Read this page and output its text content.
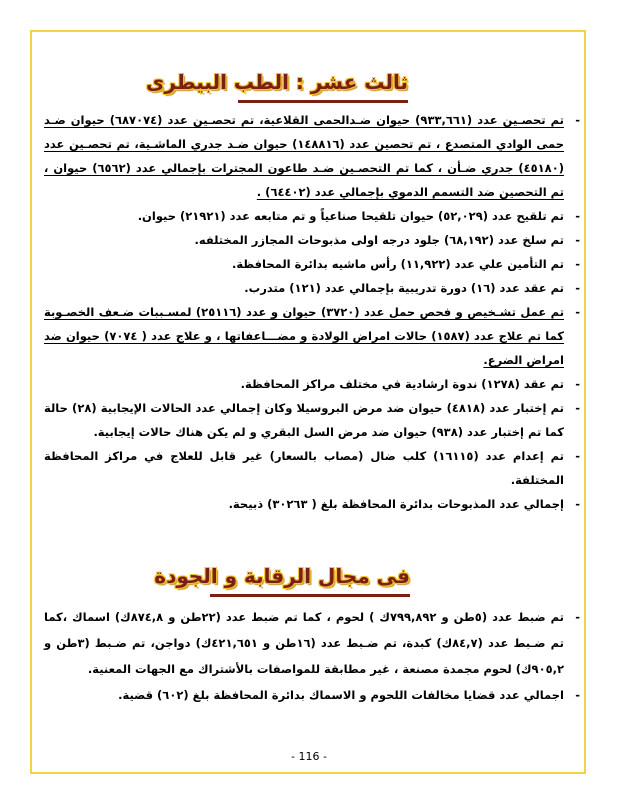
ثالث عشر : الطب البيطرى
-
تم تحصـين عدد (٩٣٣,٦٦١) حيوان ضـدالحمى القلاعية، تم تحصـين عدد (٦٨٧٠٧٤) حيوان ضـد حمى الوادي المتصدع ، تم تحصين عدد (١٤٨٨١٦) حيوان ضـد جدري الماشـية، تم تحصـين عدد (٤٥١٨٠) جدري ضـأن ، كما تم التحصـين ضـد طاعون المجترات بإجمالي عدد (٦٥٦٢) حيوان ، تم التحصين ضد التسمم الدموي بإجمالي عدد (٦٤٤٠٢) .
-
تم تلقيح عدد (٥٢,٠٢٩) حيوان تلقيحا صناعياً و تم متابعه عدد (٢١٩٢١) حيوان.
-
تم سلخ عدد (٦٨,١٩٢) جلود درجه اولى مذبوحات المجازر المختلفه.
-
تم التأمين علي عدد (١١,٩٢٢) رأس ماشيه بدائرة المحافظة.
-
تم عقد عدد (١٦) دورة تدريبية بإجمالي عدد (١٢١) متدرب.
-
تم عمل تشـخيص و فحص حمل عدد (٣٧٢٠) حيوان و عدد (٢٥١١٦) لمسـببات ضـعف الخصـوبة كما تم علاج عدد (١٥٨٧) حالات امراض الولادة و مضـــاعفاتها ، و علاج عدد ( ٧٠٧٤) حيوان ضد امراض الضرع.
-
تم عقد (١٢٧٨) ندوة ارشادية في مختلف مراكز المحافظة.
-
تم إختبار عدد (٤٨١٨) حيوان ضد مرض البروسيلا وكان إجمالي عدد الحالات الإيجابية (٢٨) حالة كما تم إختبار عدد (٩٣٨) حيوان ضد مرض السل البقري و لم يكن هناك حالات إيجابية.
-
تم إعدام عدد (١٦١١٥) كلب ضال (مصاب بالسعار) غير قابل للعلاج في مراكز المحافظة المختلفة.
-
إجمالي عدد المذبوحات بدائرة المحافظة بلغ ( ٣٠٢٦٣) ذبيحة.
فى مجال الرقابة و الجودة
-
تم ضبط عدد (٥طن و ٧٩٩,٨٩٢ك ) لحوم ، كما تم ضبط عدد (٢٢طن و ٨٧٤,٨ك) اسماك ،كما تم ضـبط عدد (٨٤,٧ك) كبدة، تم ضـبط عدد (١٦طن و ٤٢١,٦٥١ك) دواجن، تم ضـبط (٣طن و ٩٠٥,٢ك) لحوم مجمدة مصنعة ، غير مطابقة للمواصفات بالأشتراك مع الجهات المعنية.
-
اجمالي عدد قضايا مخالفات اللحوم و الاسماك بدائرة المحافظة بلغ (٦٠٢) قضية.
- 116 -
